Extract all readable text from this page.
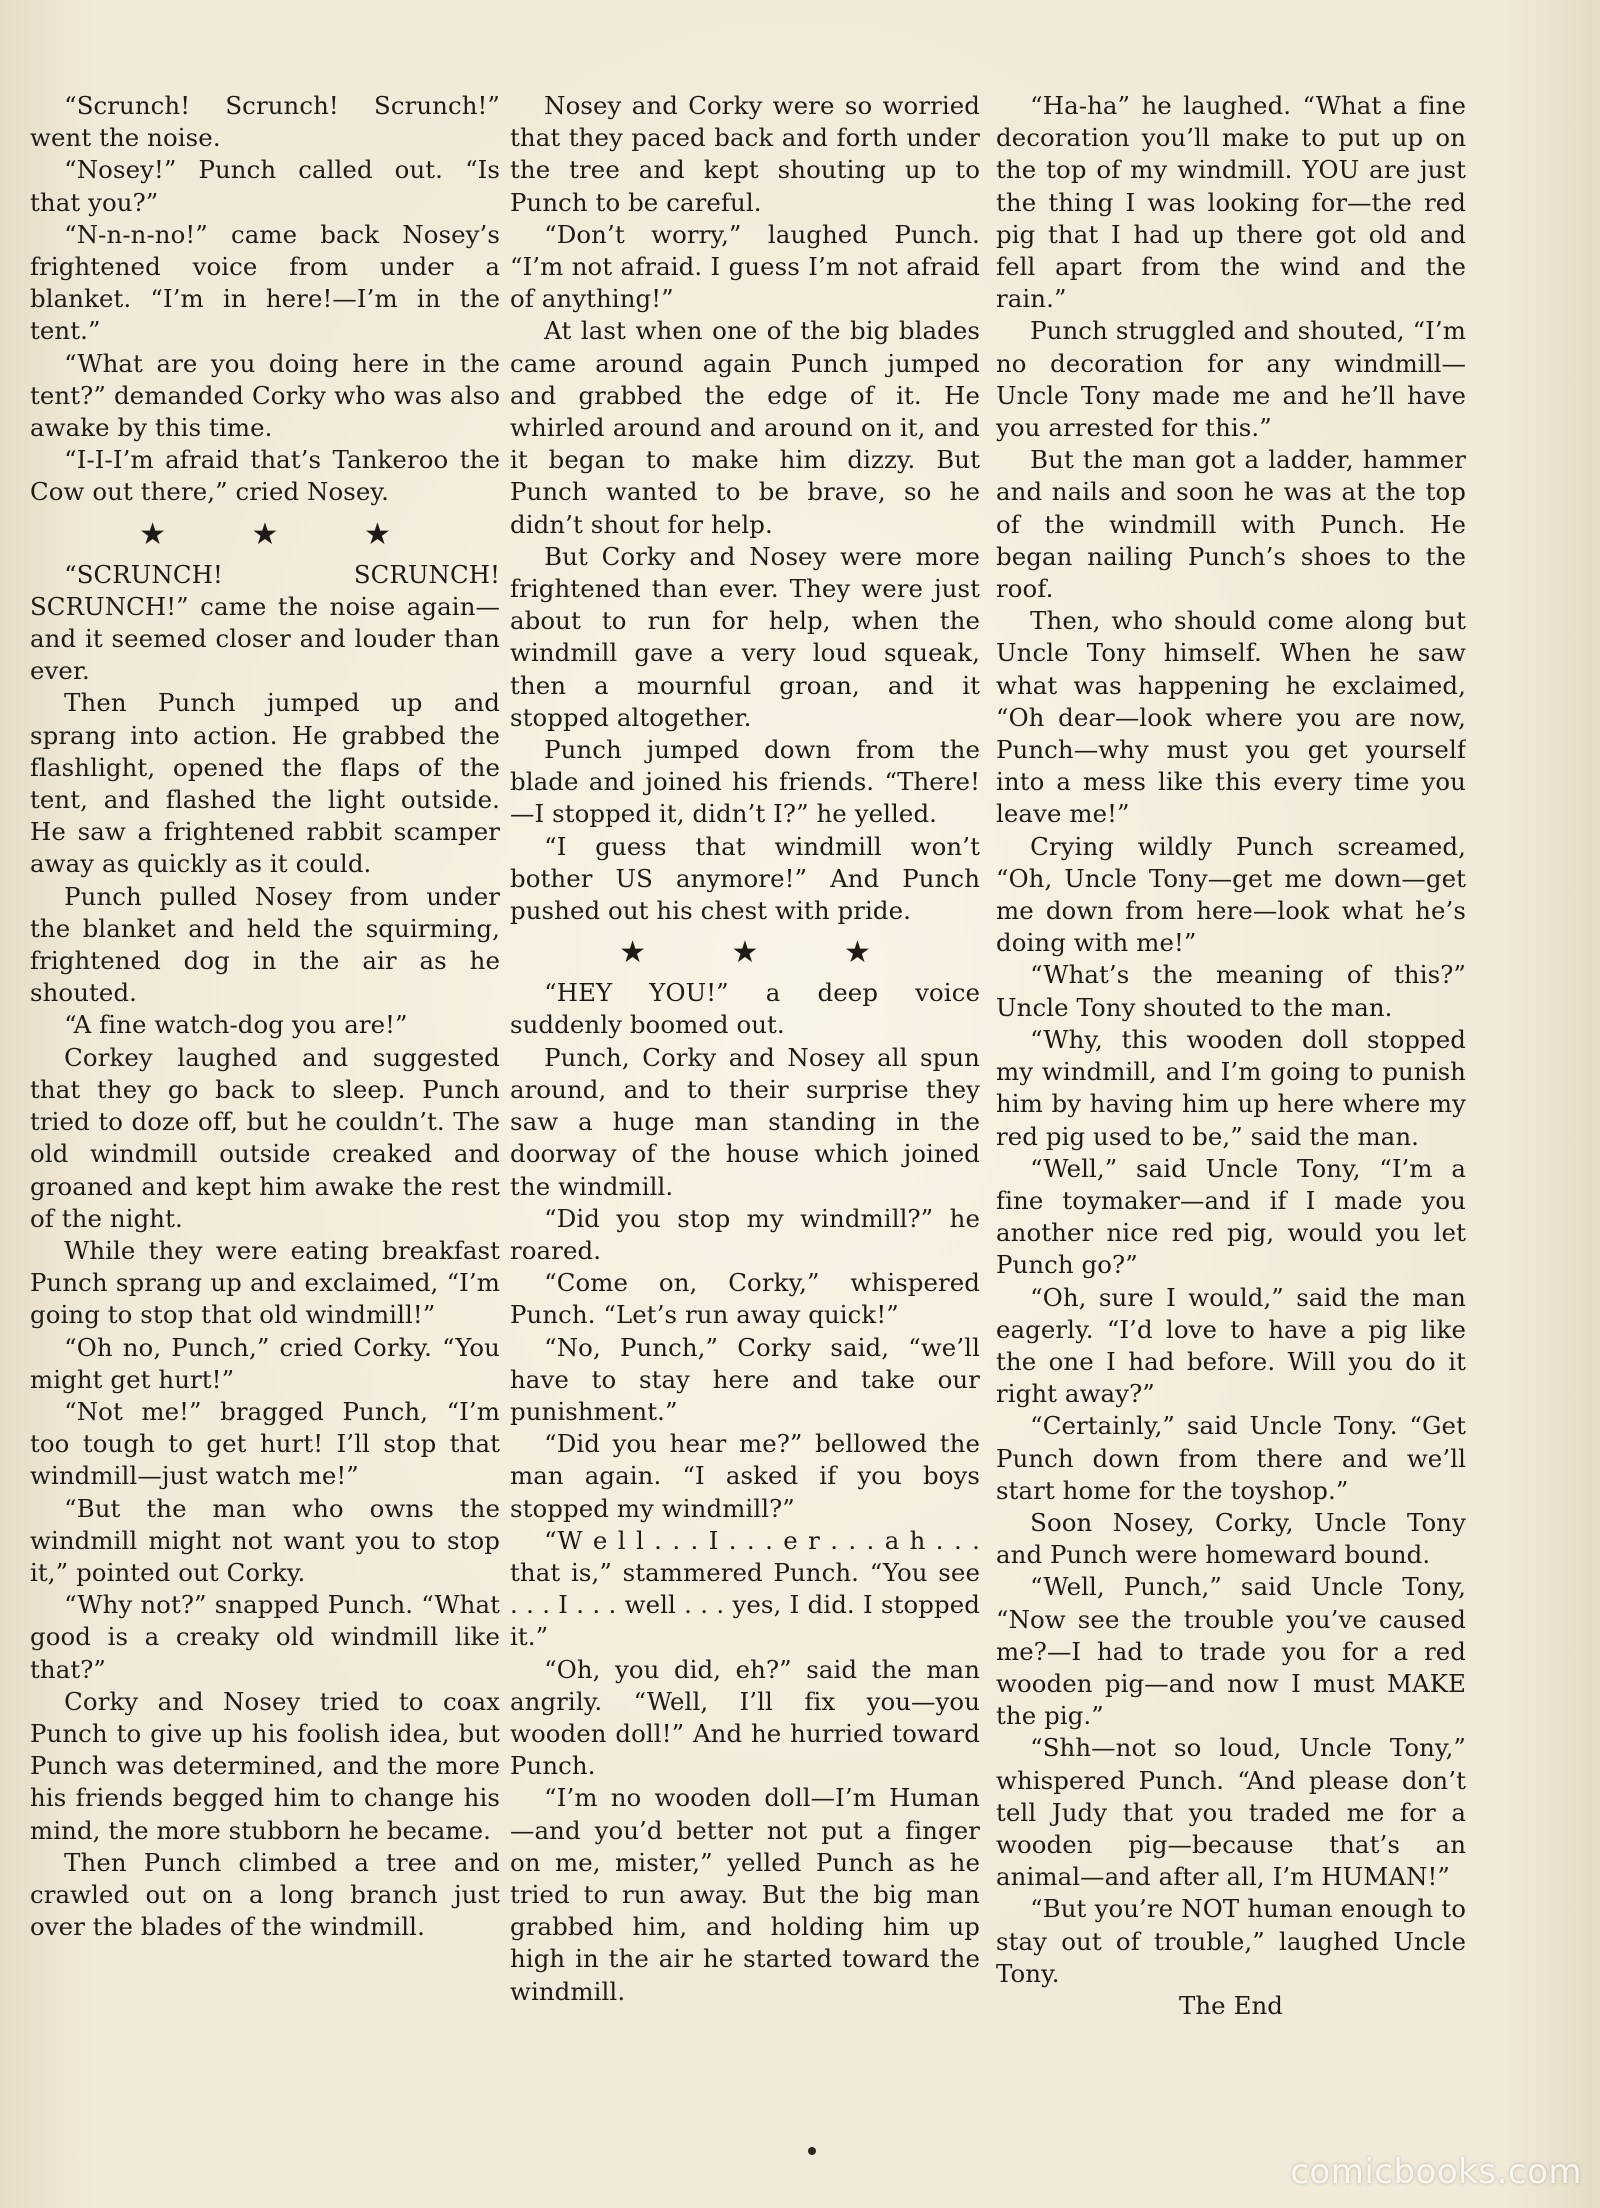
“Scrunch! Scrunch! Scrunch!” went the noise.

“Nosey!” Punch called out. “Is that you?”

“N-n-n-no!” came back Nosey’s frightened voice from under a blanket. “I’m in here!—I’m in the tent.”

“What are you doing here in the tent?” demanded Corky who was also awake by this time.

“I-I-I’m afraid that’s Tankeroo the Cow out there,” cried Nosey.

★ ★ ★

“SCRUNCH! SCRUNCH! SCRUNCH!” came the noise again—and it seemed closer and louder than ever.

Then Punch jumped up and sprang into action. He grabbed the flashlight, opened the flaps of the tent, and flashed the light outside. He saw a frightened rabbit scamper away as quickly as it could.

Punch pulled Nosey from under the blanket and held the squirming, frightened dog in the air as he shouted.

“A fine watch-dog you are!”

Corkey laughed and suggested that they go back to sleep. Punch tried to doze off, but he couldn’t. The old windmill outside creaked and groaned and kept him awake the rest of the night.

While they were eating breakfast Punch sprang up and exclaimed, “I’m going to stop that old windmill!”

“Oh no, Punch,” cried Corky. “You might get hurt!”

“Not me!” bragged Punch, “I’m too tough to get hurt! I’ll stop that windmill—just watch me!”

“But the man who owns the windmill might not want you to stop it,” pointed out Corky.

“Why not?” snapped Punch. “What good is a creaky old windmill like that?”

Corky and Nosey tried to coax Punch to give up his foolish idea, but Punch was determined, and the more his friends begged him to change his mind, the more stubborn he became.

Then Punch climbed a tree and crawled out on a long branch just over the blades of the windmill.

Nosey and Corky were so worried that they paced back and forth under the tree and kept shouting up to Punch to be careful.

“Don’t worry,” laughed Punch. “I’m not afraid. I guess I’m not afraid of anything!”

At last when one of the big blades came around again Punch jumped and grabbed the edge of it. He whirled around and around on it, and it began to make him dizzy. But Punch wanted to be brave, so he didn’t shout for help.

But Corky and Nosey were more frightened than ever. They were just about to run for help, when the windmill gave a very loud squeak, then a mournful groan, and it stopped altogether.

Punch jumped down from the blade and joined his friends. “There!—I stopped it, didn’t I?” he yelled.

“I guess that windmill won’t bother US anymore!” And Punch pushed out his chest with pride.

★ ★ ★

“HEY YOU!” a deep voice suddenly boomed out.

Punch, Corky and Nosey all spun around, and to their surprise they saw a huge man standing in the doorway of the house which joined the windmill.

“Did you stop my windmill?” he roared.

“Come on, Corky,” whispered Punch. “Let’s run away quick!”

“No, Punch,” Corky said, “we’ll have to stay here and take our punishment.”

“Did you hear me?” bellowed the man again. “I asked if you boys stopped my windmill?”

“W e l l . . . I . . . e r . . . a h . . . that is,” stammered Punch. “You see . . . I . . . well . . . yes, I did. I stopped it.”

“Oh, you did, eh?” said the man angrily. “Well, I’ll fix you—you wooden doll!” And he hurried toward Punch.

“I’m no wooden doll—I’m Human—and you’d better not put a finger on me, mister,” yelled Punch as he tried to run away. But the big man grabbed him, and holding him up high in the air he started toward the windmill.

“Ha-ha” he laughed. “What a fine decoration you’ll make to put up on the top of my windmill. YOU are just the thing I was looking for—the red pig that I had up there got old and fell apart from the wind and the rain.”

Punch struggled and shouted, “I’m no decoration for any windmill—Uncle Tony made me and he’ll have you arrested for this.”

But the man got a ladder, hammer and nails and soon he was at the top of the windmill with Punch. He began nailing Punch’s shoes to the roof.

Then, who should come along but Uncle Tony himself. When he saw what was happening he exclaimed, “Oh dear—look where you are now, Punch—why must you get yourself into a mess like this every time you leave me!”

Crying wildly Punch screamed, “Oh, Uncle Tony—get me down—get me down from here—look what he’s doing with me!”

“What’s the meaning of this?” Uncle Tony shouted to the man.

“Why, this wooden doll stopped my windmill, and I’m going to punish him by having him up here where my red pig used to be,” said the man.

“Well,” said Uncle Tony, “I’m a fine toymaker—and if I made you another nice red pig, would you let Punch go?”

“Oh, sure I would,” said the man eagerly. “I’d love to have a pig like the one I had before. Will you do it right away?”

“Certainly,” said Uncle Tony. “Get Punch down from there and we’ll start home for the toyshop.”

Soon Nosey, Corky, Uncle Tony and Punch were homeward bound.

“Well, Punch,” said Uncle Tony, “Now see the trouble you’ve caused me?—I had to trade you for a red wooden pig—and now I must MAKE the pig.”

“Shh—not so loud, Uncle Tony,” whispered Punch. “And please don’t tell Judy that you traded me for a wooden pig—because that’s an animal—and after all, I’m HUMAN!”

“But you’re NOT human enough to stay out of trouble,” laughed Uncle Tony.

The End

comicbooks.com
